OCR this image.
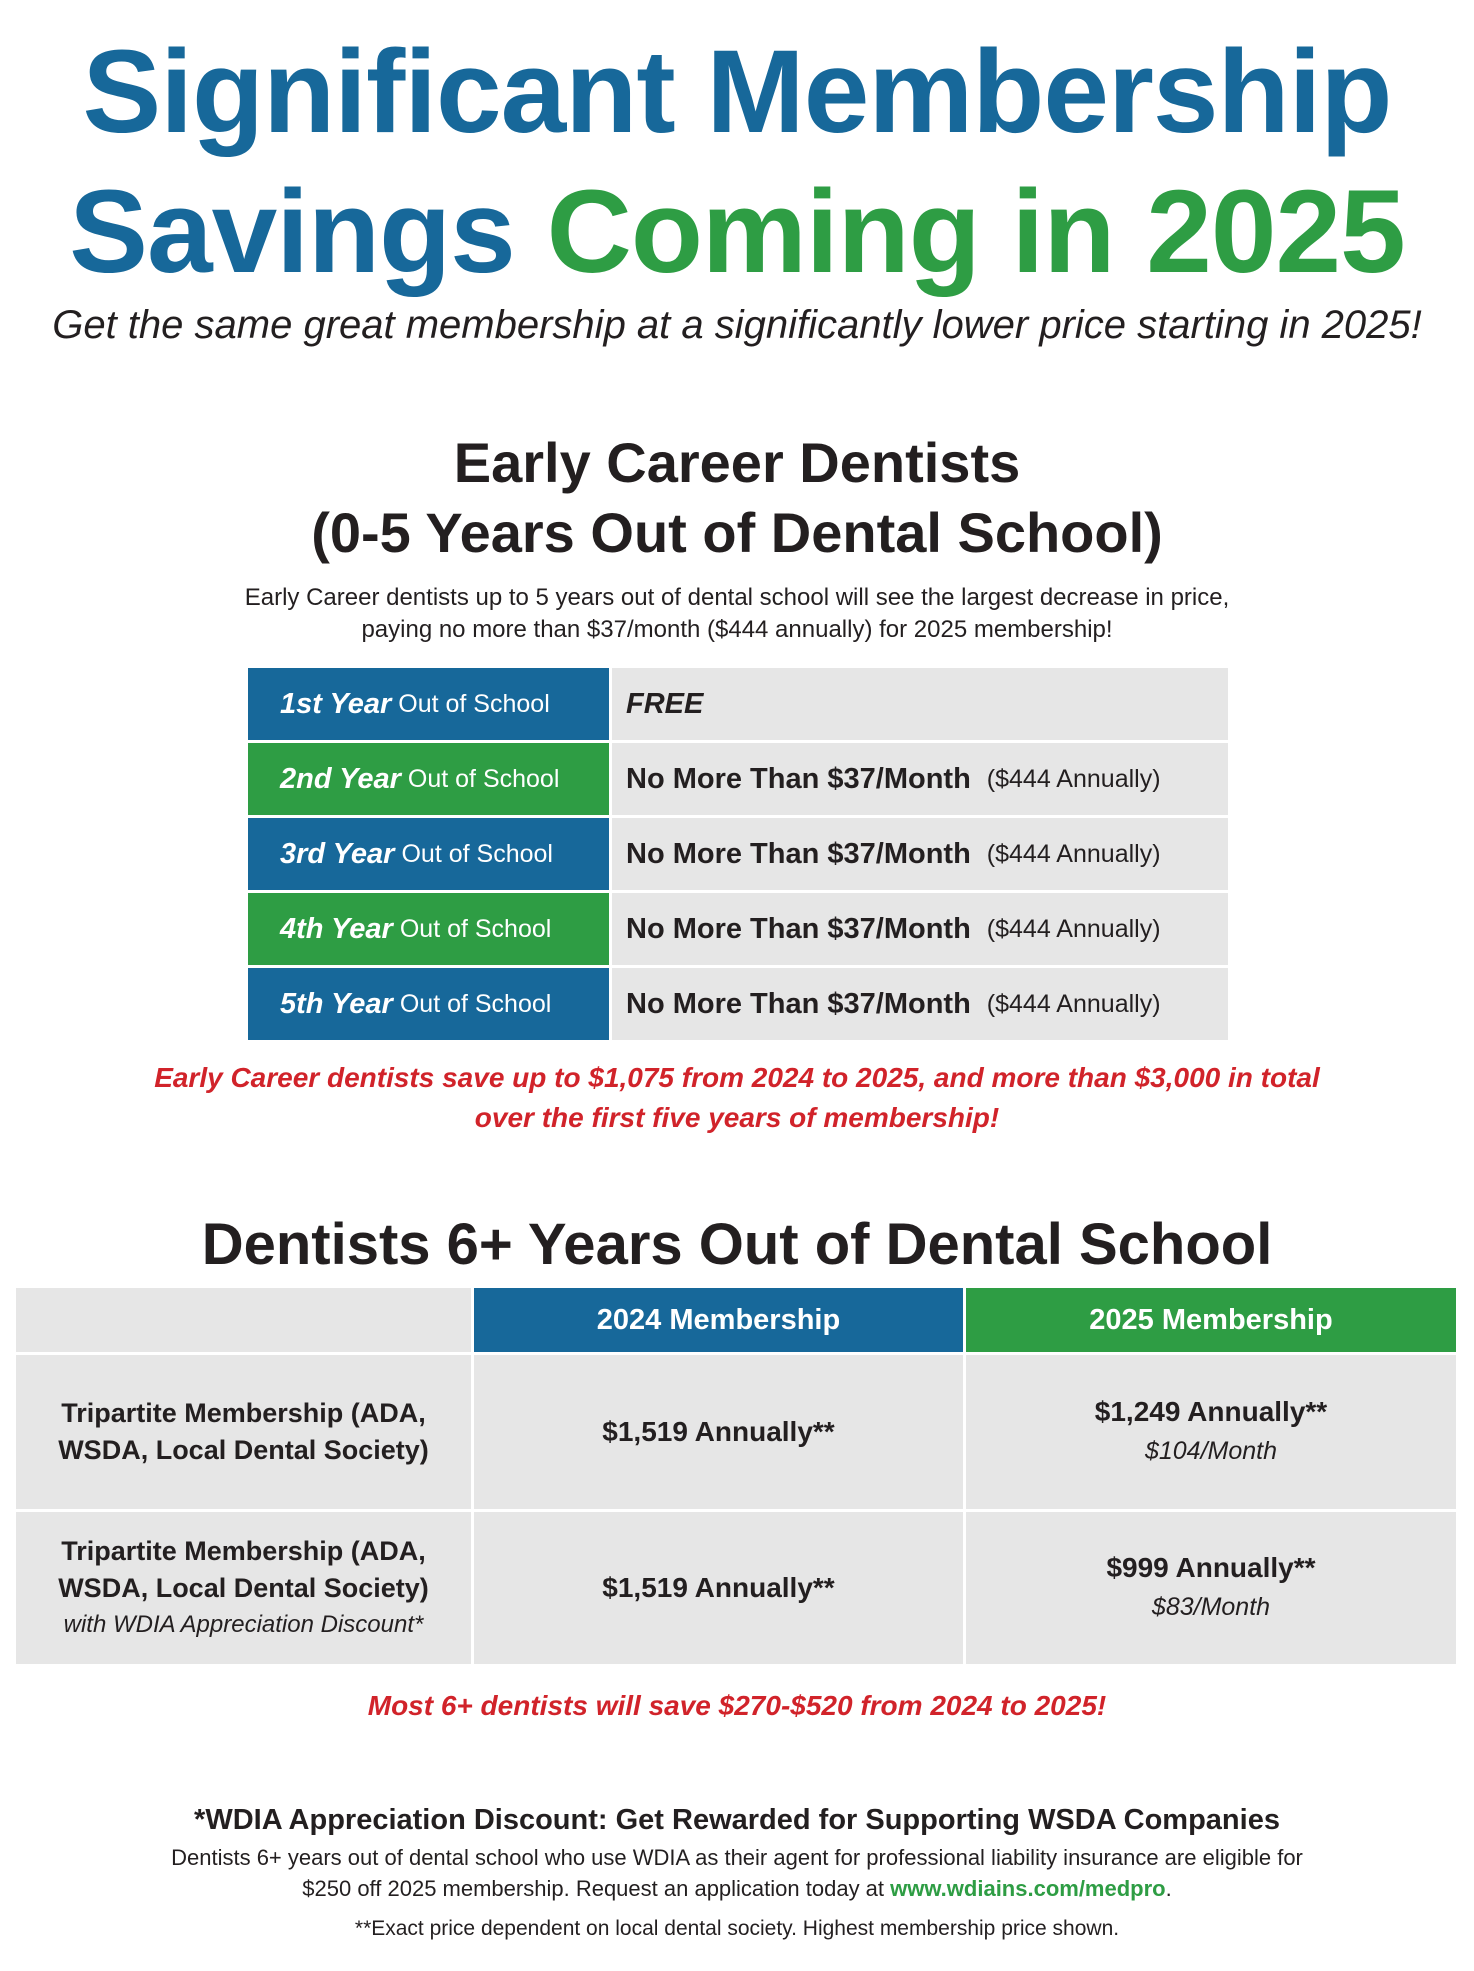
Significant Membership
Savings Coming in 2025

Get the same great membership at a significantly lower price starting in 2025!

Early Career Dentists
(0-5 Years Out of Dental School)

Early Career dentists up to 5 years out of dental school will see the largest decrease in price,
paying no more than $37/month ($444 annually) for 2025 membership!

1st Year Out of School	FREE
2nd Year Out of School No More Than $37/Month ($444 Annually)
3rd Year Out of School	No More Than $37/Month ($444 Annually)
4th Year Out of School	No More Than $37/Month ($444 Annually)
5th Year Out of School	No More Than $37/Month ($444 Annually)

Early Career dentists save up to $1,075 from 2024 to 2025, and more than $3,000 in total
over the first five years of membership!

Dentists 6+ Years Out of Dental School
	2024 Membership	2025 Membership
Tripartite Membership (ADA,
WSDA, Local Dental Society)	$1,519 Annually**	$1,249 Annually**
$104/Month

Tripartite Membership (ADA,
WSDA, Local Dental Society)
with WDIA Appreciation Discount*	$1,519 Annually**	$999 Annually**
$83/Month

Most 6+ dentists will save $270-$520 from 2024 to 2025!

*WDIA Appreciation Discount: Get Rewarded for Supporting WSDA Companies

Dentists 6+ years out of dental school who use WDIA as their agent for professional liability insurance are eligible for
$250 off 2025 membership. Request an application today at www.wdiains.com/medpro.

**Exact price dependent on local dental society. Highest membership price shown.
